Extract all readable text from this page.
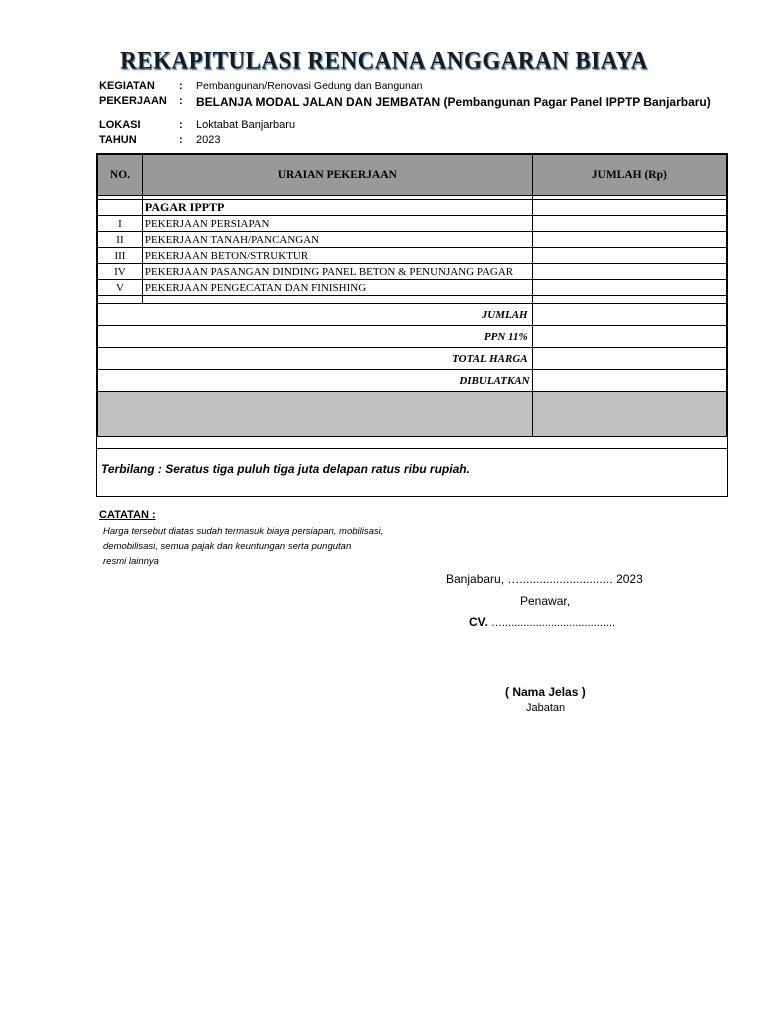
REKAPITULASI RENCANA ANGGARAN BIAYA
KEGIATAN : Pembangunan/Renovasi Gedung dan Bangunan
PEKERJAAN : BELANJA MODAL JALAN DAN JEMBATAN (Pembangunan Pagar Panel IPPTP Banjarbaru)
LOKASI	: Loktabat Banjarbaru
TAHUN	: 2023
NO.	URAIAN PEKERJAAN	JUMLAH (Rp)

	PAGAR IPPTP	
I	PEKERJAAN PERSIAPAN	
II	PEKERJAAN TANAH/PANCANGAN	
III	PEKERJAAN BETON/STRUKTUR	
IV	PEKERJAAN PASANGAN DINDING PANEL BETON & PENUNJANG PAGAR	
V	PEKERJAAN PENGECATAN DAN FINISHING	

JUMLAH		
PPN 11%		
TOTAL HARGA		
DIBULATKAN		

Terbilang : Seratus tiga puluh tiga juta delapan ratus ribu rupiah.
CATATAN :
Harga tersebut diatas sudah termasuk biaya persiapan, mobilisasi,
demobilisasi, semua pajak dan keuntungan serta pungutan
resmi lainnya
Banjabaru, …............................ 2023
Penawar,
CV. ….....................................
( Nama Jelas )
Jabatan
